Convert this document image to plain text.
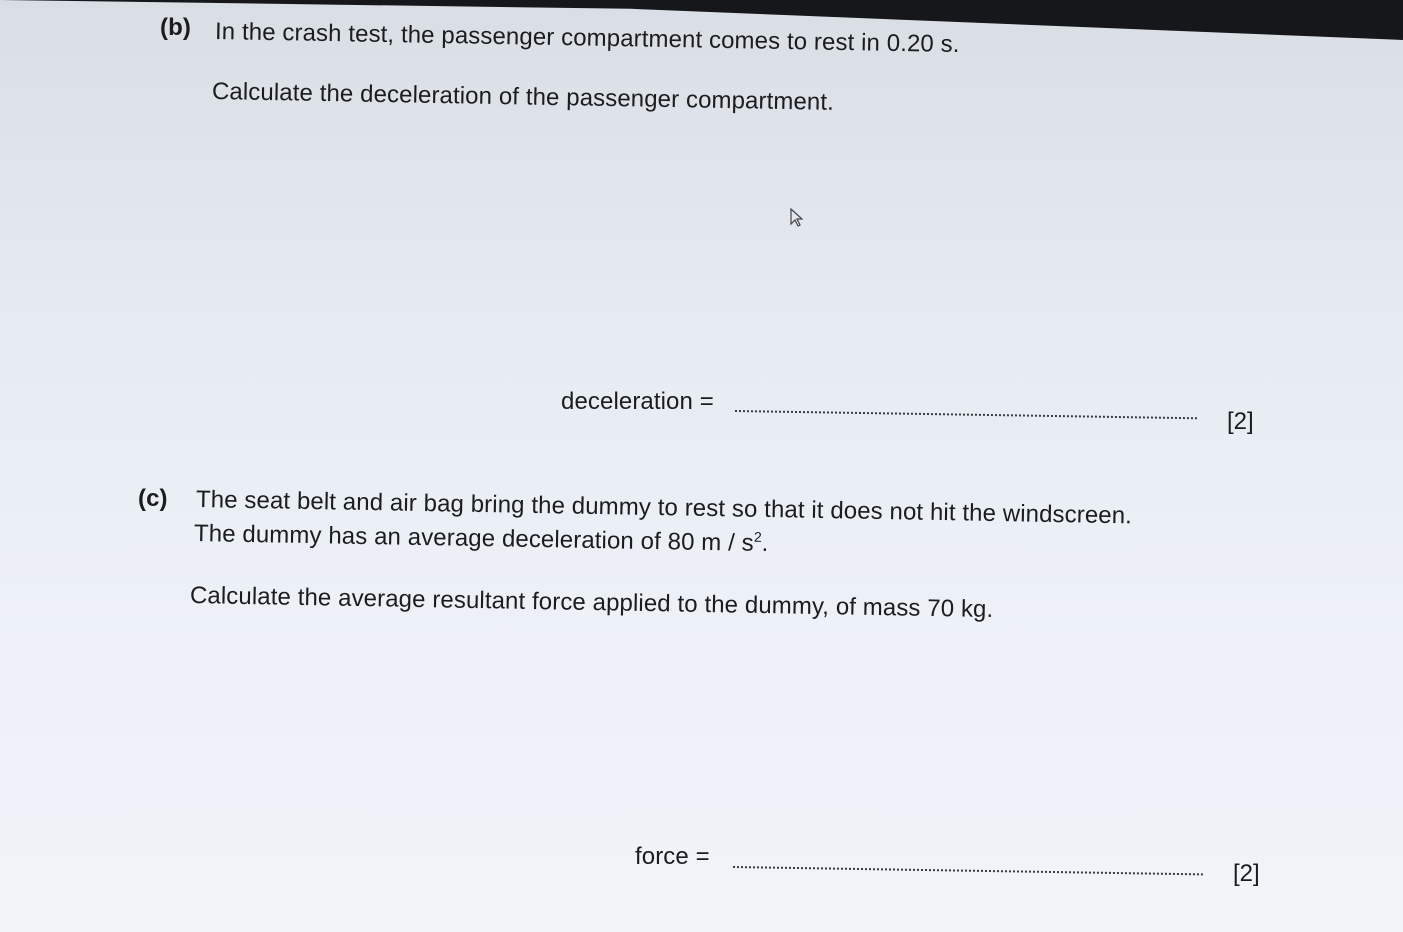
(b) In the crash test, the passenger compartment comes to rest in 0.20 s.
Calculate the deceleration of the passenger compartment.
deceleration =
[2]
(c) The seat belt and air bag bring the dummy to rest so that it does not hit the windscreen.
The dummy has an average deceleration of 80 m / $s^2$.
Calculate the average resultant force applied to the dummy, of mass 70 kg.
force =
[2]
